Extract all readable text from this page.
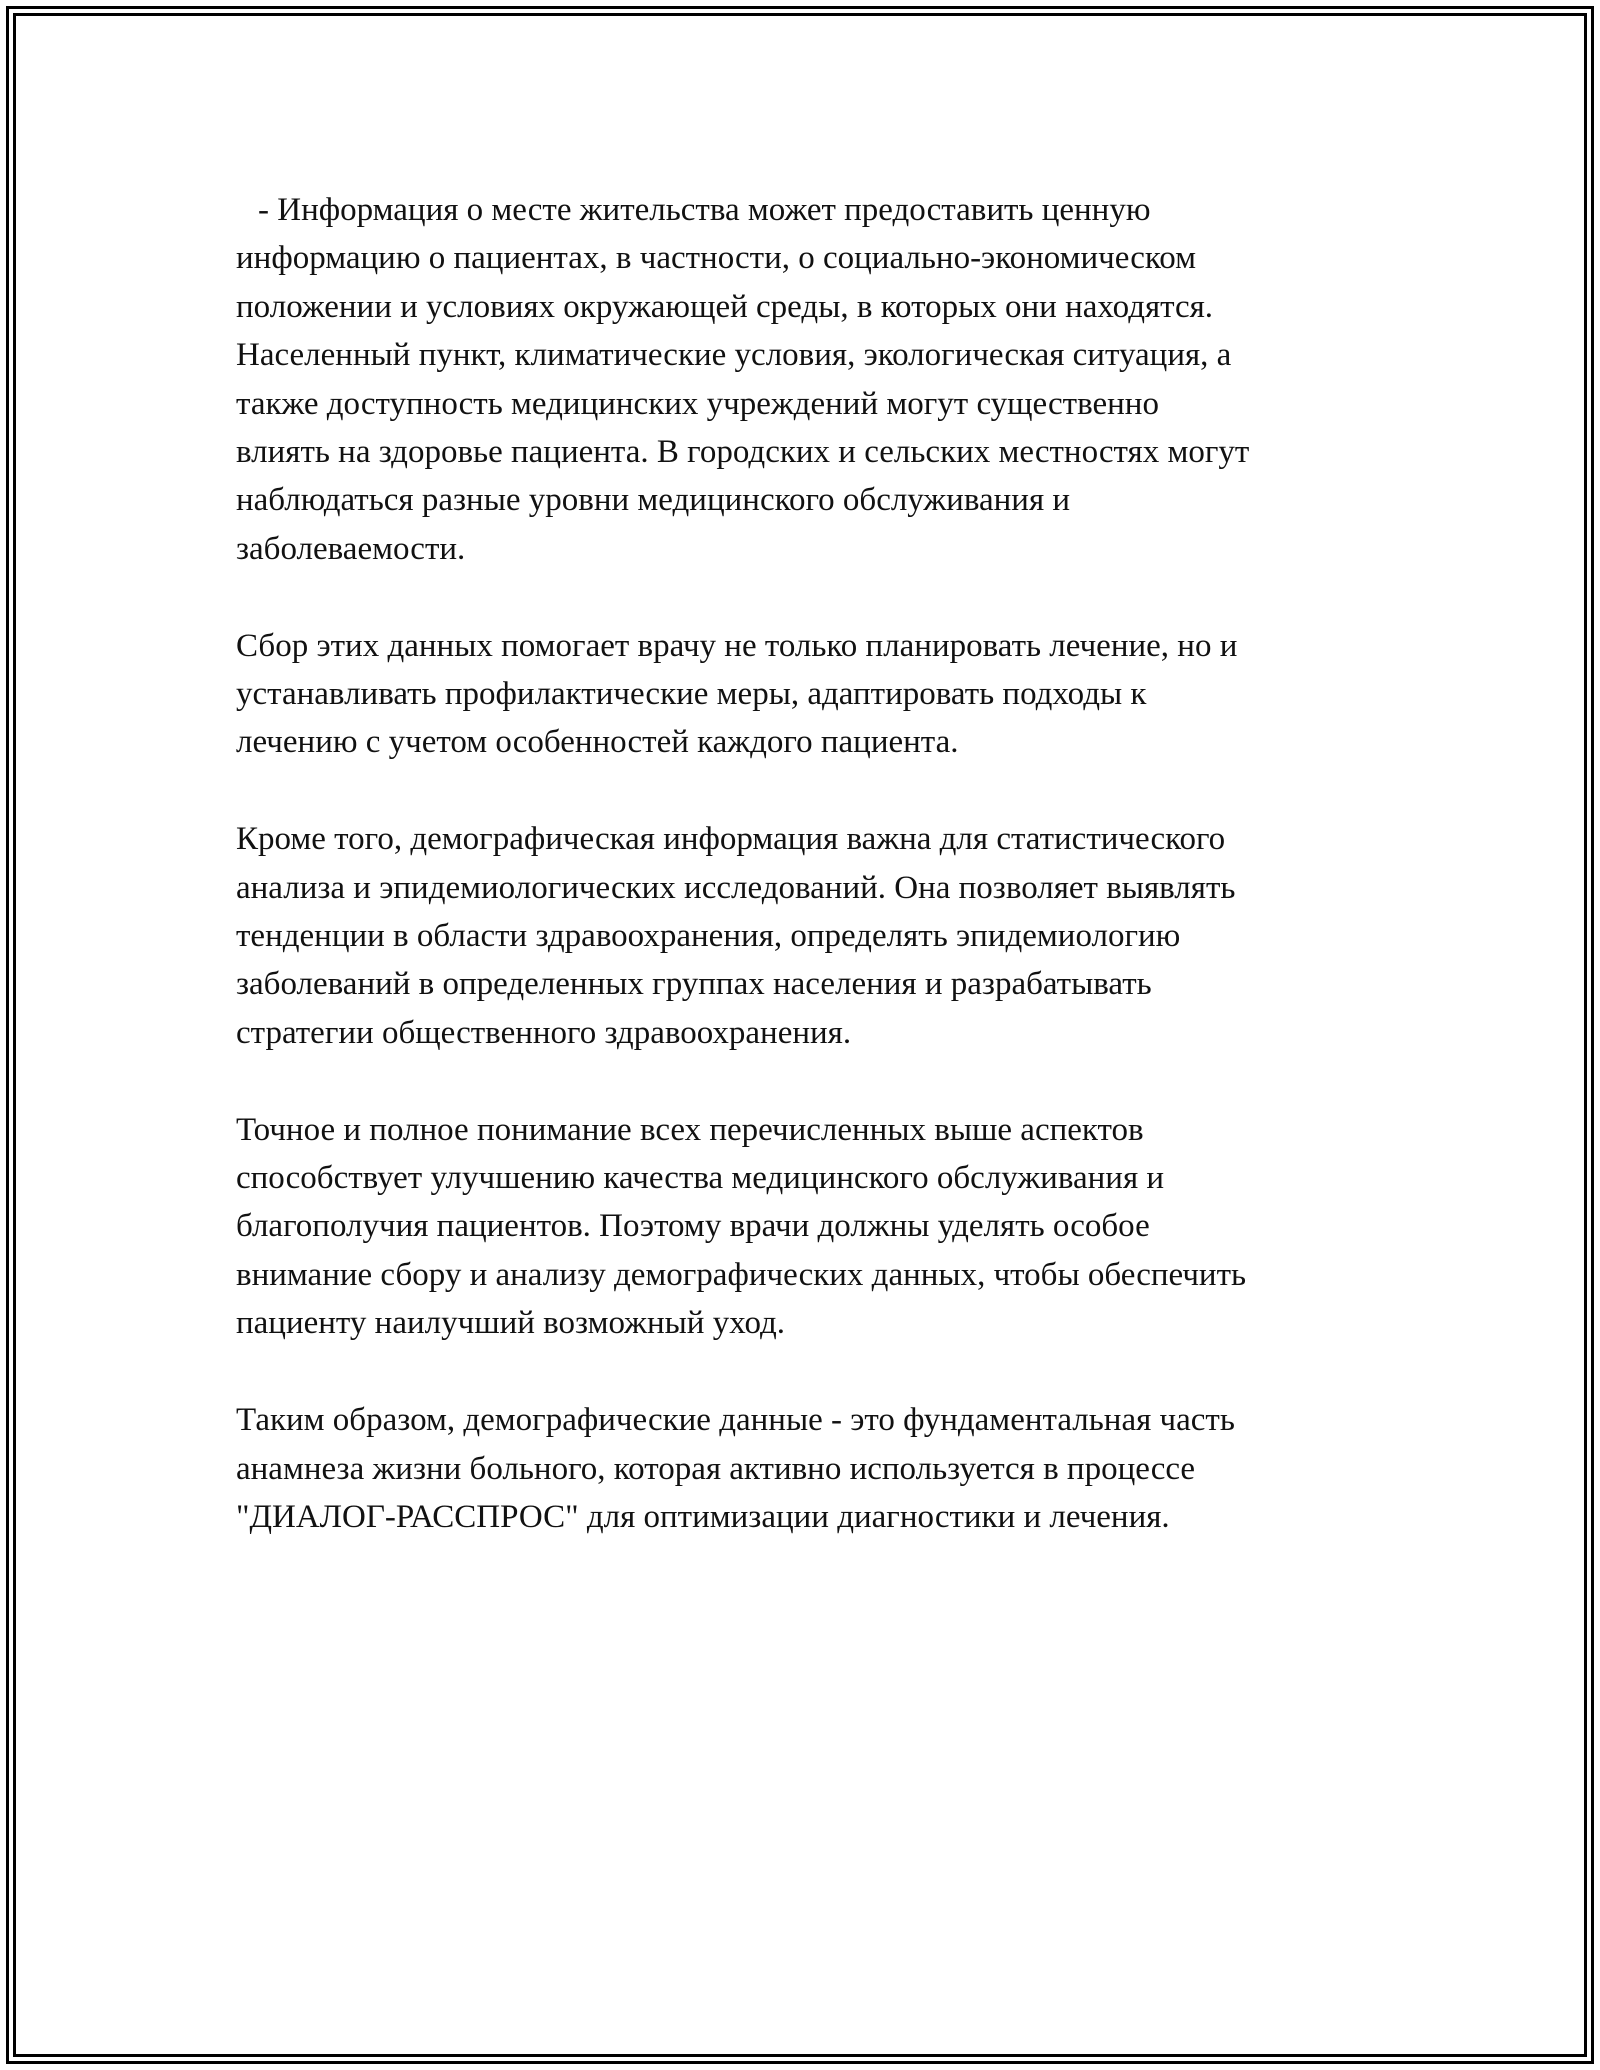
- Информация о месте жительства может предоставить ценную
информацию о пациентах, в частности, о социально-экономическом
положении и условиях окружающей среды, в которых они находятся.
Населенный пункт, климатические условия, экологическая ситуация, а
также доступность медицинских учреждений могут существенно
влиять на здоровье пациента. В городских и сельских местностях могут
наблюдаться разные уровни медицинского обслуживания и
заболеваемости.

Сбор этих данных помогает врачу не только планировать лечение, но и
устанавливать профилактические меры, адаптировать подходы к
лечению с учетом особенностей каждого пациента.

Кроме того, демографическая информация важна для статистического
анализа и эпидемиологических исследований. Она позволяет выявлять
тенденции в области здравоохранения, определять эпидемиологию
заболеваний в определенных группах населения и разрабатывать
стратегии общественного здравоохранения.

Точное и полное понимание всех перечисленных выше аспектов
способствует улучшению качества медицинского обслуживания и
благополучия пациентов. Поэтому врачи должны уделять особое
внимание сбору и анализу демографических данных, чтобы обеспечить
пациенту наилучший возможный уход.

Таким образом, демографические данные - это фундаментальная часть
анамнеза жизни больного, которая активно используется в процессе
"ДИАЛОГ-РАССПРОС" для оптимизации диагностики и лечения.
